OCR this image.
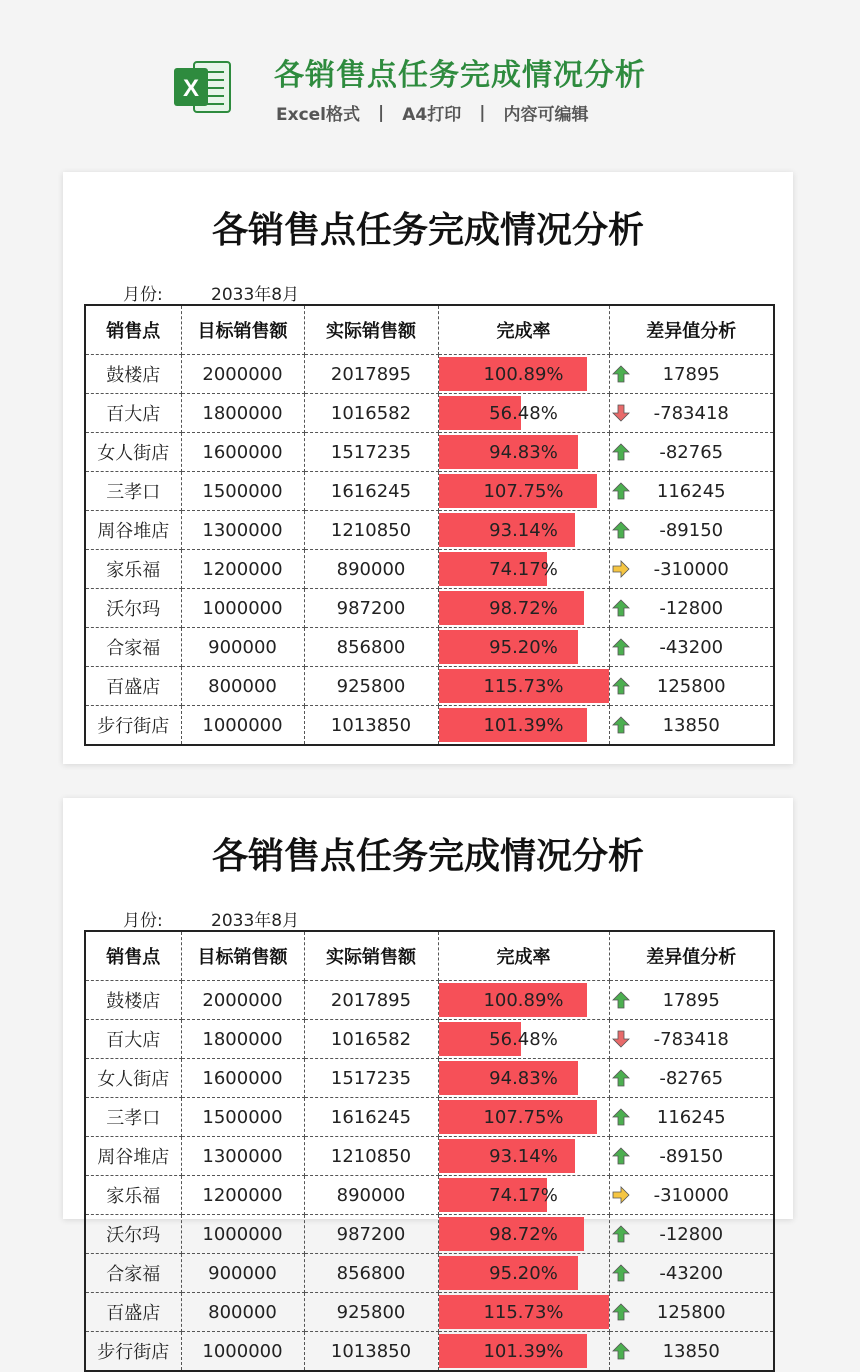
X 各销售点任务完成情况分析
Excel格式	|	A4打印	|	内容可编辑
各销售点任务完成情况分析
月份:	2033年8月
销售点	目标销售额	实际销售额	完成率	差异值分析
鼓楼店	2000000	2017895	100.89%	17895
百大店	1800000	1016582	56.48%	-783418
女人街店	1600000	1517235	94.83%	-82765
三孝口	1500000	1616245	107.75%	116245
周谷堆店	1300000	1210850	93.14%	-89150
家乐福	1200000	890000	74.17%	-310000
沃尔玛	1000000	987200	98.72%	-12800
合家福	900000	856800	95.20%	-43200
百盛店	800000	925800	115.73%	125800
步行街店	1000000	1013850	101.39%	13850
各销售点任务完成情况分析
月份:	2033年8月
销售点	目标销售额	实际销售额	完成率	差异值分析
鼓楼店	2000000	2017895	100.89%	17895
百大店	1800000	1016582	56.48%	-783418
女人街店	1600000	1517235	94.83%	-82765
三孝口	1500000	1616245	107.75%	116245
周谷堆店	1300000	1210850	93.14%	-89150
家乐福	1200000	890000	74.17%	-310000
沃尔玛	1000000	987200	98.72%	-12800
合家福	900000	856800	95.20%	-43200
百盛店	800000	925800	115.73%	125800
步行街店	1000000	1013850	101.39%	13850
